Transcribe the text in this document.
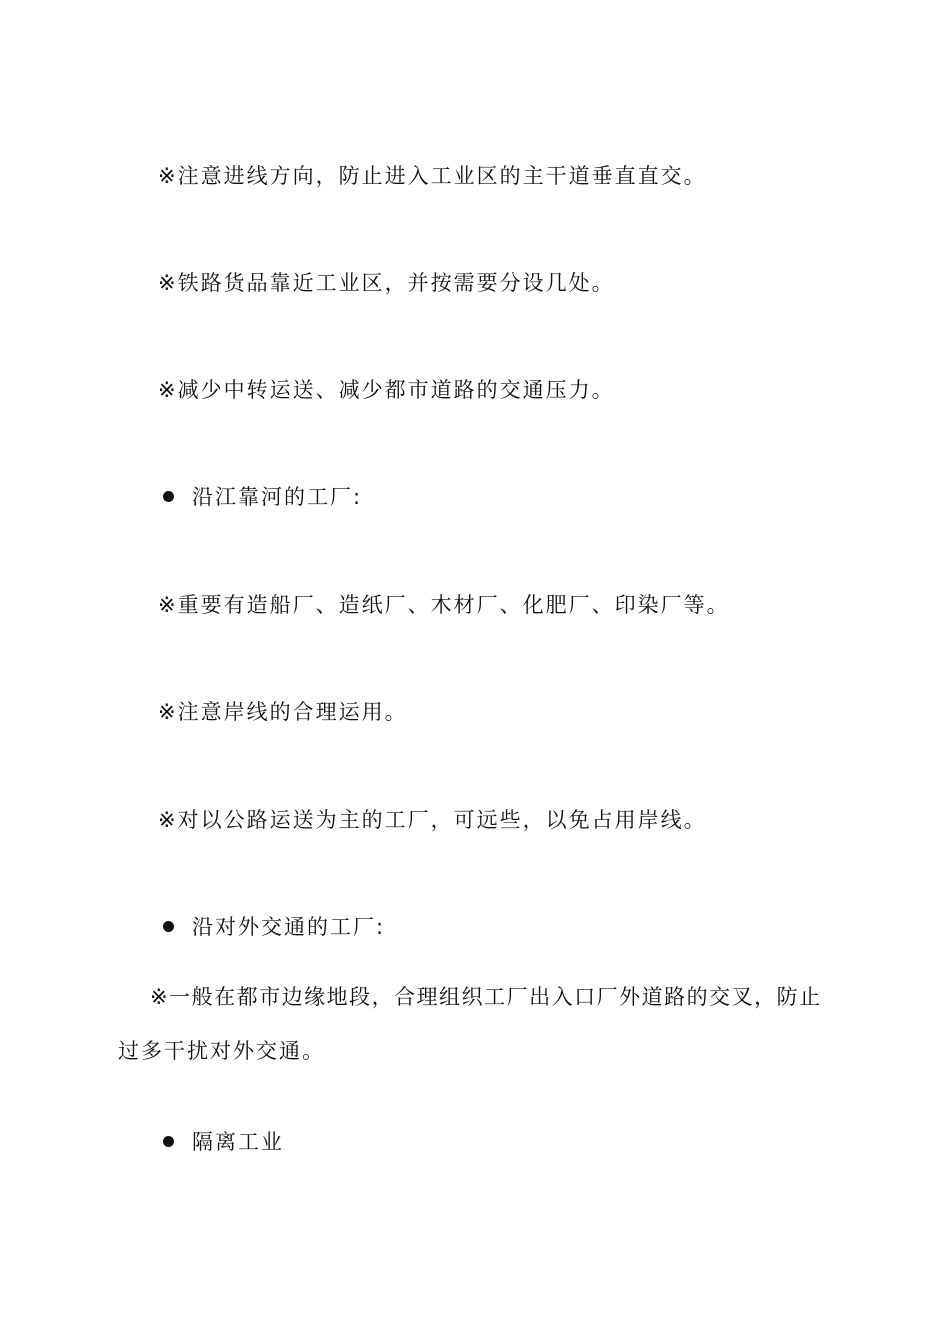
※注意进线方向，防止进入工业区的主干道垂直直交。
※铁路货品靠近工业区，并按需要分设几处。
※减少中转运送、减少都市道路的交通压力。
沿江靠河的工厂:
※重要有造船厂、造纸厂、木材厂、化肥厂、印染厂等。
※注意岸线的合理运用。
※对以公路运送为主的工厂，可远些，以免占用岸线。
沿对外交通的工厂:
※一般在都市边缘地段，合理组织工厂出入口厂外道路的交叉，防止
过多干扰对外交通。
隔离工业
